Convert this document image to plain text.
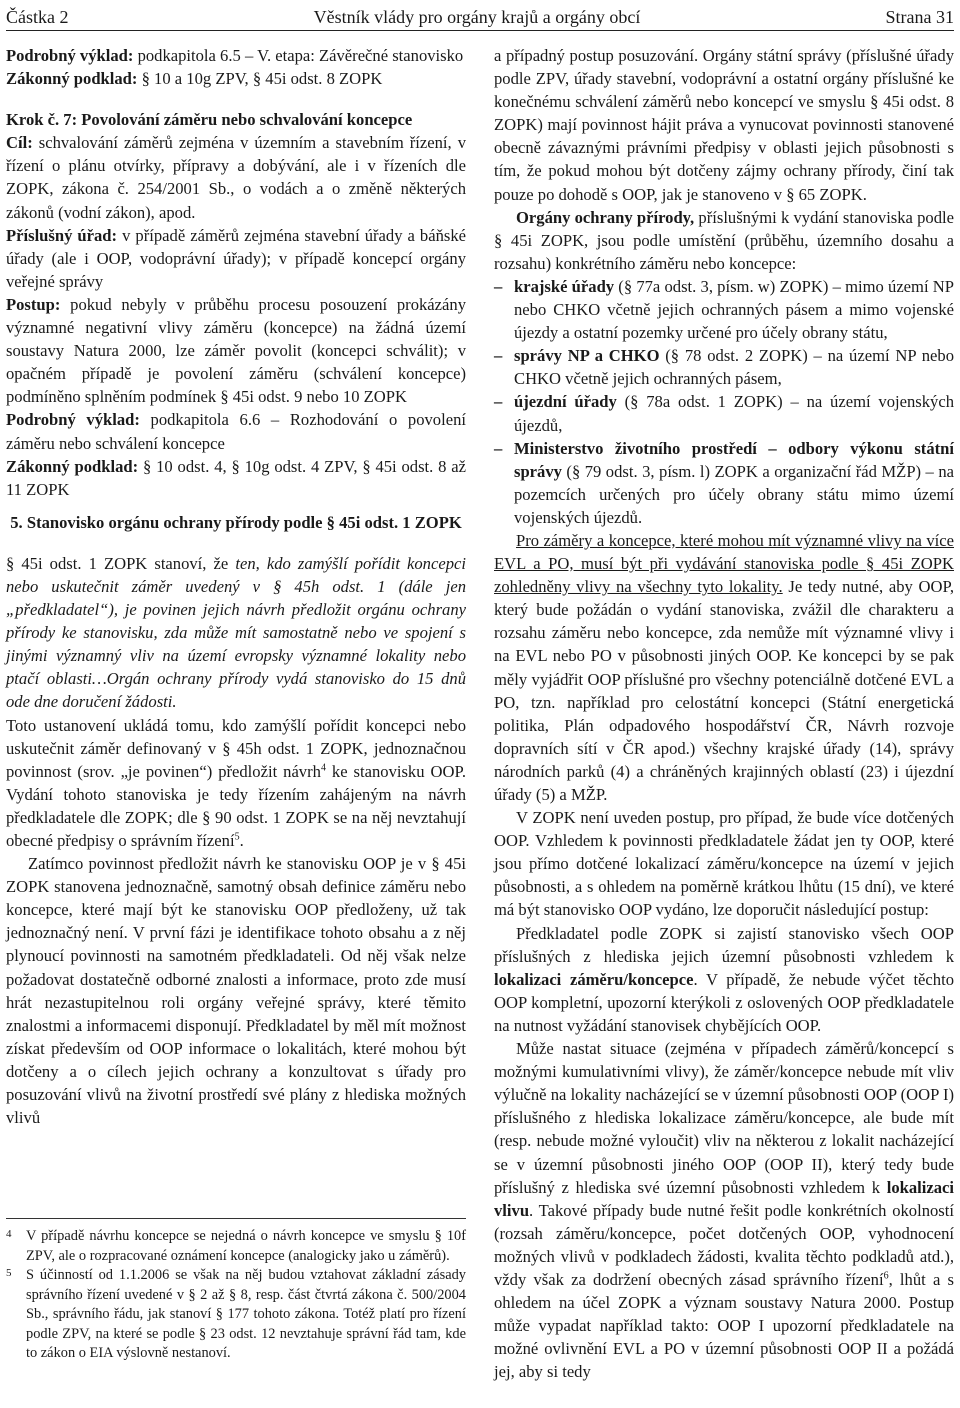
Částka 2	Věstník vlády pro orgány krajů a orgány obcí	Strana 31

Podrobný výklad: podkapitola 6.5 – V. etapa: Závěrečné stanovisko

Zákonný podklad: § 10 a 10g ZPV, § 45i odst. 8 ZOPK

Krok č. 7: Povolování záměru nebo schvalování koncepce

Cíl: schvalování záměrů zejména v územním a stavebním řízení, v řízení o plánu otvírky, přípravy a dobývání, ale i v řízeních dle ZOPK, zákona č. 254/2001 Sb., o vodách a o změně některých zákonů (vodní zákon), apod.

Příslušný úřad: v případě záměrů zejména stavební úřady a báňské úřady (ale i OOP, vodoprávní úřady); v případě koncepcí orgány veřejné správy

Postup: pokud nebyly v průběhu procesu posouzení prokázány významné negativní vlivy záměru (koncepce) na žádná území soustavy Natura 2000, lze záměr povolit (koncepci schválit); v opačném případě je povolení záměru (schválení koncepce) podmíněno splněním podmínek § 45i odst. 9 nebo 10 ZOPK

Podrobný výklad: podkapitola 6.6 – Rozhodování o povolení záměru nebo schválení koncepce

Zákonný podklad: § 10 odst. 4, § 10g odst. 4 ZPV, § 45i odst. 8 až 11 ZOPK

5. Stanovisko orgánu ochrany přírody podle § 45i odst. 1 ZOPK

§ 45i odst. 1 ZOPK stanoví, že ten, kdo zamýšlí pořídit koncepci nebo uskutečnit záměr uvedený v § 45h odst. 1 (dále jen „předkladatel“), je povinen jejich návrh předložit orgánu ochrany přírody ke stanovisku, zda může mít samostatně nebo ve spojení s jinými významný vliv na území evropsky významné lokality nebo ptačí oblasti…Orgán ochrany přírody vydá stanovisko do 15 dnů ode dne doručení žádosti.

Toto ustanovení ukládá tomu, kdo zamýšlí pořídit koncepci nebo uskutečnit záměr definovaný v § 45h odst. 1 ZOPK, jednoznačnou povinnost (srov. „je povinen“) předložit návrh$^4$ ke stanovisku OOP. Vydání tohoto stanoviska je tedy řízením zahájeným na návrh předkladatele dle ZOPK; dle § 90 odst. 1 ZOPK se na něj nevztahují obecné předpisy o správním řízení$^5$.

Zatímco povinnost předložit návrh ke stanovisku OOP je v § 45i ZOPK stanovena jednoznačně, samotný obsah definice záměru nebo koncepce, které mají být ke stanovisku OOP předloženy, už tak jednoznačný není. V první fázi je identifikace tohoto obsahu a z něj plynoucí povinnosti na samotném předkladateli. Od něj však nelze požadovat dostatečně odborné znalosti a informace, proto zde musí hrát nezastupitelnou roli orgány veřejné správy, které těmito znalostmi a informacemi disponují. Předkladatel by měl mít možnost získat především od OOP informace o lokalitách, které mohou být dotčeny a o cílech jejich ochrany a konzultovat s úřady pro posuzování vlivů na životní prostředí své plány z hlediska možných vlivů

4	V případě návrhu koncepce se nejedná o návrh koncepce ve smyslu § 10f ZPV, ale o rozpracované oznámení koncepce (analogicky jako u záměrů).
5	S účinností od 1.1.2006 se však na něj budou vztahovat základní zásady správního řízení uvedené v § 2 až § 8, resp. část čtvrtá zákona č. 500/2004 Sb., správního řádu, jak stanoví § 177 tohoto zákona. Totéž platí pro řízení podle ZPV, na které se podle § 23 odst. 12 nevztahuje správní řád tam, kde to zákon o EIA výslovně nestanoví.

a případný postup posuzování. Orgány státní správy (příslušné úřady podle ZPV, úřady stavební, vodoprávní a ostatní orgány příslušné ke konečnému schválení záměrů nebo koncepcí ve smyslu § 45i odst. 8 ZOPK) mají povinnost hájit práva a vynucovat povinnosti stanovené obecně závaznými právními předpisy v oblasti jejich působnosti s tím, že pokud mohou být dotčeny zájmy ochrany přírody, činí tak pouze po dohodě s OOP, jak je stanoveno v § 65 ZOPK.

Orgány ochrany přírody, příslušnými k vydání stanoviska podle § 45i ZOPK, jsou podle umístění (průběhu, územního dosahu a rozsahu) konkrétního záměru nebo koncepce:

– krajské úřady (§ 77a odst. 3, písm. w) ZOPK) – mimo území NP nebo CHKO včetně jejich ochranných pásem a mimo vojenské újezdy a ostatní pozemky určené pro účely obrany státu,
– správy NP a CHKO (§ 78 odst. 2 ZOPK) – na území NP nebo CHKO včetně jejich ochranných pásem,
– újezdní úřady (§ 78a odst. 1 ZOPK) – na území vojenských újezdů,
– Ministerstvo životního prostředí – odbory výkonu státní správy (§ 79 odst. 3, písm. l) ZOPK a organizační řád MŽP) – na pozemcích určených pro účely obrany státu mimo území vojenských újezdů.

Pro záměry a koncepce, které mohou mít významné vlivy na více EVL a PO, musí být při vydávání stanoviska podle § 45i ZOPK zohledněny vlivy na všechny tyto lokality. Je tedy nutné, aby OOP, který bude požádán o vydání stanoviska, zvážil dle charakteru a rozsahu záměru nebo koncepce, zda nemůže mít významné vlivy i na EVL nebo PO v působnosti jiných OOP. Ke koncepci by se pak měly vyjádřit OOP příslušné pro všechny potenciálně dotčené EVL a PO, tzn. například pro celostátní koncepci (Státní energetická politika, Plán odpadového hospodářství ČR, Návrh rozvoje dopravních sítí v ČR apod.) všechny krajské úřady (14), správy národních parků (4) a chráněných krajinných oblastí (23) i újezdní úřady (5) a MŽP.

V ZOPK není uveden postup, pro případ, že bude více dotčených OOP. Vzhledem k povinnosti předkladatele žádat jen ty OOP, které jsou přímo dotčené lokalizací záměru/koncepce na území v jejich působnosti, a s ohledem na poměrně krátkou lhůtu (15 dní), ve které má být stanovisko OOP vydáno, lze doporučit následující postup:

Předkladatel podle ZOPK si zajistí stanovisko všech OOP příslušných z hlediska jejich územní působnosti vzhledem k lokalizaci záměru/koncepce. V případě, že nebude výčet těchto OOP kompletní, upozorní kterýkoli z oslovených OOP předkladatele na nutnost vyžádání stanovisek chybějících OOP.

Může nastat situace (zejména v případech záměrů/koncepcí s možnými kumulativními vlivy), že záměr/koncepce nebude mít vliv výlučně na lokality nacházející se v územní působnosti OOP (OOP I) příslušného z hlediska lokalizace záměru/koncepce, ale bude mít (resp. nebude možné vyloučit) vliv na některou z lokalit nacházející se v územní působnosti jiného OOP (OOP II), který tedy bude příslušný z hlediska své územní působnosti vzhledem k lokalizaci vlivu. Takové případy bude nutné řešit podle konkrétních okolností (rozsah záměru/koncepce, počet dotčených OOP, vyhodnocení možných vlivů v podkladech žádosti, kvalita těchto podkladů atd.), vždy však za dodržení obecných zásad správního řízení$^6$, lhůt a s ohledem na účel ZOPK a význam soustavy Natura 2000. Postup může vypadat například takto: OOP I upozorní předkladatele na možné ovlivnění EVL a PO v územní působnosti OOP II a požádá jej, aby si tedy
